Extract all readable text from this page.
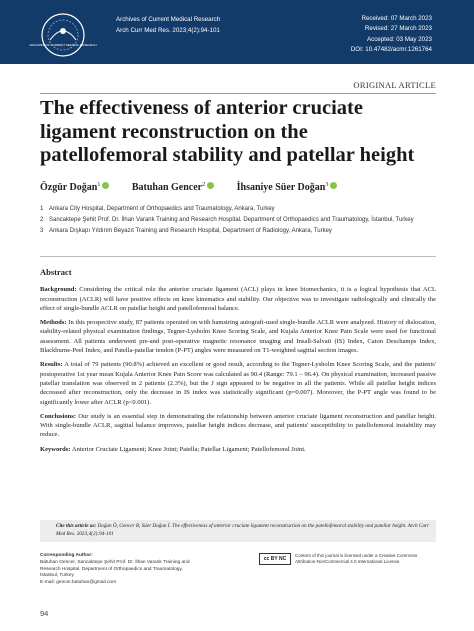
ARCHIVES OF CURRENT MEDICAL RESEARCH
Archives of Current Medical Research
Arch Curr Med Res. 2023;4(2):94-101
Received: 07 March 2023
Revised: 27 March 2023
Accepted: 03 May 2023
DOI: 10.47482/acmr.1261764
ORIGINAL ARTICLE
The effectiveness of anterior cruciate ligament reconstruction on the patellofemoral stability and patellar height
Özgür Doğan$^1$	Batuhan Gencer$^2$	İhsaniye Süer Doğan$^3$
1 Ankara City Hospital, Department of Orthopaedics and Traumatology, Ankara, Turkey
2 Sancaktepe Şehit Prof. Dr. İlhan Varank Training and Research Hospital, Department of Orthopaedics and Traumatology, İstanbul, Turkey
3 Ankara Dışkapı Yıldırım Beyazıt Training and Research Hospital, Department of Radiology, Ankara, Turkey
Abstract

Background: Considering the critical role the anterior cruciate ligament (ACL) plays in knee biomechanics, it is a logical hypothesis that ACL reconstruction (ACLR) will have positive effects on knee kinematics and stability. Our objective was to investigate radiologically and clinically the effect of single-bundle ACLR on patellar height and patellofemoral balance.

Methods: In this prospective study, 87 patients operated on with hamstring autograft-used single-bundle ACLR were analyzed. History of dislocation, stability-related physical examination findings, Tegner-Lysholm Knee Scoring Scale, and Kujala Anterior Knee Pain Scale were used for functional assessment. All patients underwent pre-and post-operative magnetic resonance imaging and Insall-Salvati (IS) Index, Caton Deschamps Index, Blackburne-Peel Index, and Patella-patellar tendon (P-PT) angles were measured on T1-weighted sagittal section images.

Results: A total of 79 patients (90.8%) achieved an excellent or good result, according to the Tegner-Lysholm Knee Scoring Scale, and the patients' postoperative 1st year mean Kujala Anterior Knee Pain Score was calculated as 90.4 (Range: 79.1 – 96.4). On physical examination, increased passive patellar translation was observed in 2 patients (2.3%), but the J sign appeared to be negative in all the patients. While all patellar height indices decreased after reconstruction, only the decrease in IS index was statistically significant (p=0.007). Moreover, the P-PT angle was found to be significantly lower after ACLR (p<0.001).

Conclusions: Our study is an essential step in demonstrating the relationship between anterior cruciate ligament reconstruction and patellar height. With single-bundle ACLR, sagittal balance improves, patellar height indices decrease, and patients' susceptibility to patellofemoral instability may reduce.

Keywords: Anterior Cruciate Ligament; Knee Joint; Patella; Patellar Ligament; Patellofemoral Joint.

Cite this article as: Doğan Ö, Gencer B, Süer Doğan İ. The effectiveness of anterior cruciate ligament reconstruction on the patellofemoral stability and patellar height. Arch Curr Med Res. 2023;4(2):94-101
Corresponding Author:
Batuhan Gencer, Sancaktepe Şehit Prof. Dr. İlhan Varank Training and
Research Hospital, Department of Orthopaedics and Traumatology,
İstanbul, Turkey
E-mail: gencer.batuhan@gmail.com
cc BY NC
Content of this journal is licensed under a Creative Commons Attribution-NonCommercial 4.0 International License.
94
